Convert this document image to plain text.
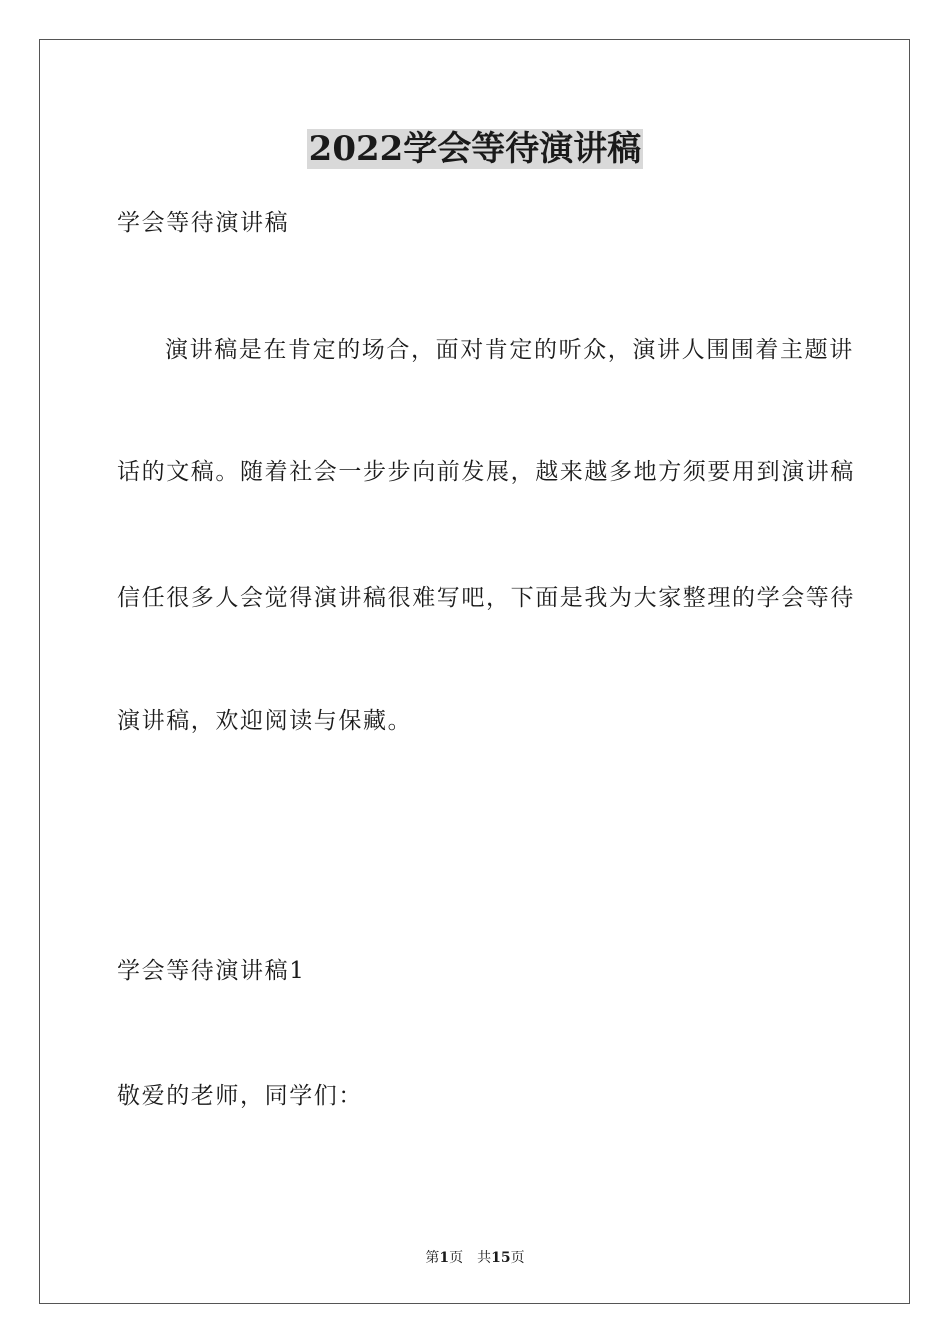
2022学会等待演讲稿
学会等待演讲稿
演讲稿是在肯定的场合，面对肯定的听众，演讲人围围着主题讲
话的文稿。随着社会一步步向前发展，越来越多地方须要用到演讲稿
信任很多人会觉得演讲稿很难写吧，下面是我为大家整理的学会等待
演讲稿，欢迎阅读与保藏。
学会等待演讲稿1
敬爱的老师，同学们：
第1页 共15页
